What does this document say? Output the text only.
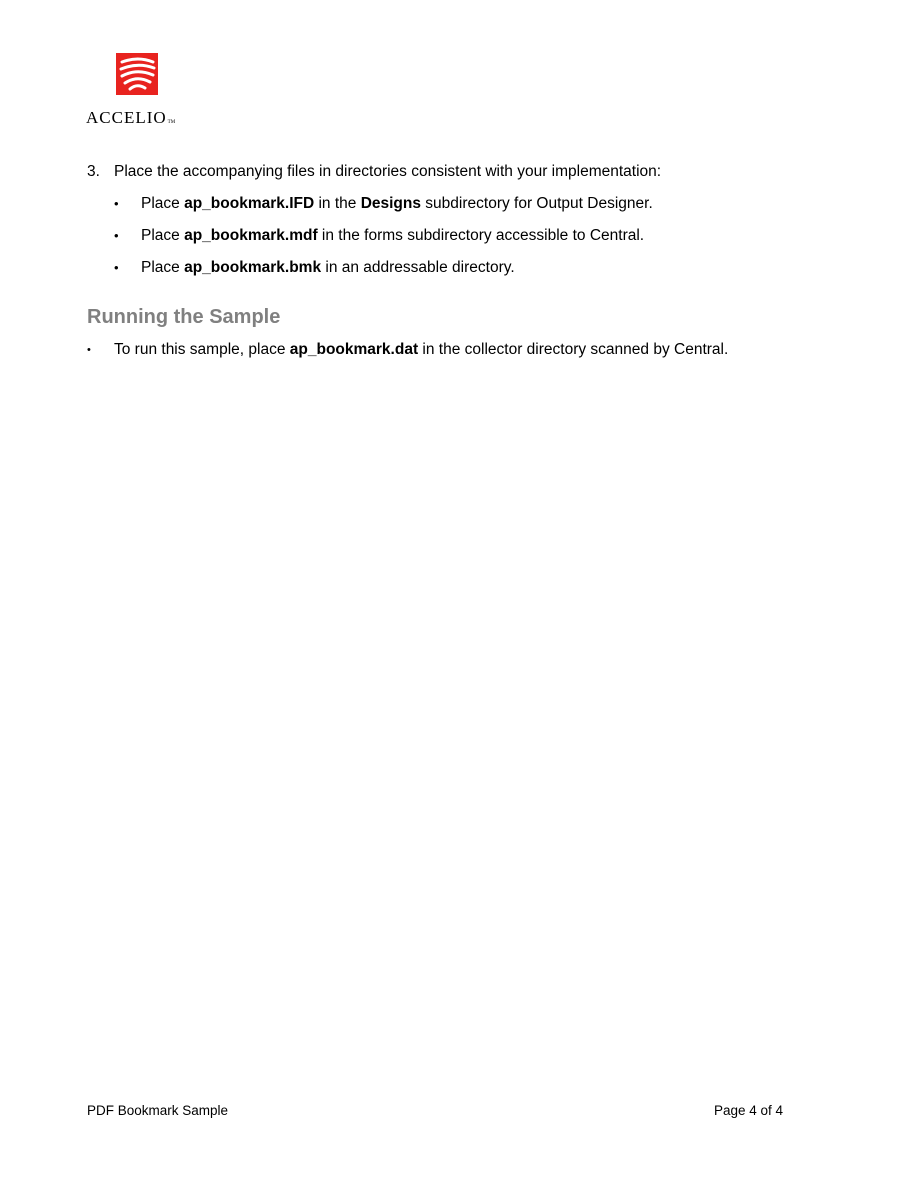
ACCELIOTM
3. Place the accompanying files in directories consistent with your implementation:
• Place ap_bookmark.IFD in the Designs subdirectory for Output Designer.
• Place ap_bookmark.mdf in the forms subdirectory accessible to Central.
• Place ap_bookmark.bmk in an addressable directory.
Running the Sample
• To run this sample, place ap_bookmark.dat in the collector directory scanned by Central.
PDF Bookmark Sample	Page 4 of 4
